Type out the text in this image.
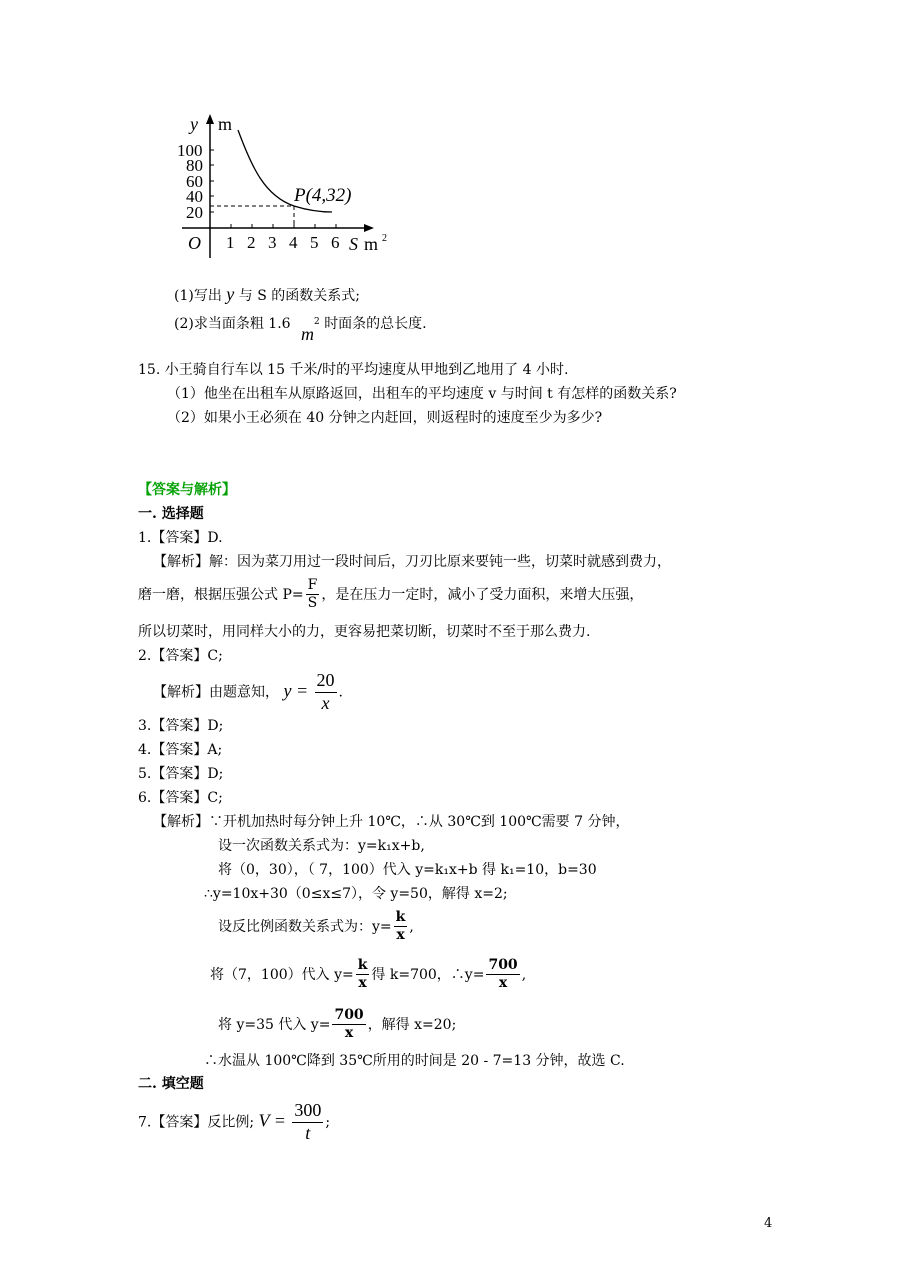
y m
100
80
60
40
20
O 1 2 3 4 5 6 S m 2
P(4,32)
(1)写出 y 与 S 的函数关系式;
(2)求当面条粗 1.6 $m^2$ 时面条的总长度.
15. 小王骑自行车以 15 千米/时的平均速度从甲地到乙地用了 4 小时.
（1）他坐在出租车从原路返回，出租车的平均速度 v 与时间 t 有怎样的函数关系?
（2）如果小王必须在 40 分钟之内赶回，则返程时的速度至少为多少?
【答案与解析】
一. 选择题
1.【答案】D.
【解析】解：因为菜刀用过一段时间后，刀刃比原来要钝一些，切菜时就感到费力，
磨一磨，根据压强公式 $P= \frac{F}{S}$ ，是在压力一定时，减小了受力面积，来增大压强，
所以切菜时，用同样大小的力，更容易把菜切断，切菜时不至于那么费力.
2.【答案】C;
【解析】由题意知， $y = \frac{20}{x}$ .
3.【答案】D;
4.【答案】A;
5.【答案】D;
6.【答案】C;
【解析】∵开机加热时每分钟上升 10℃，∴从 30℃到 100℃需要 7 分钟，
设一次函数关系式为：y=k₁x+b,
将（0，30），（ 7，100）代入 y=k₁x+b 得 k₁=10，b=30
∴y=10x+30（0≤x≤7），令 y=50，解得 x=2;
设反比例函数关系式为：$y= \frac{k}{x}$ ,
将（7，100）代入 $y= \frac{k}{x}$ 得 k=700，∴y= $\frac{700}{x}$ ,
将 y=35 代入 $y= \frac{700}{x}$ ，解得 x=20;
∴水温从 100℃降到 35℃所用的时间是 20 - 7=13 分钟，故选 C.
二. 填空题
7.【答案】反比例; $V = \frac{300}{t}$ ;
4
